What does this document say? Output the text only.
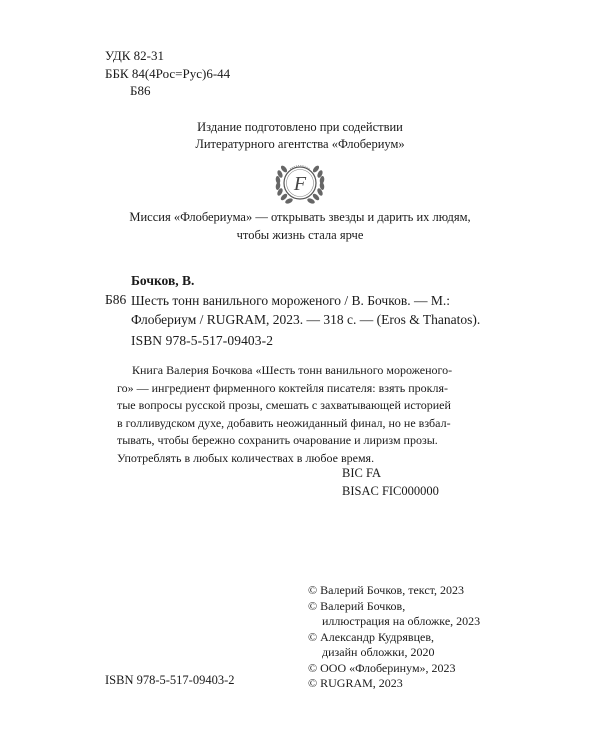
УДК 82-31
ББК 84(4Рос=Рус)6-44
Б86
Издание подготовлено при содействии
Литературного агентства «Флобериум»
F
Миссия «Флобериума» — открывать звезды и дарить их людям,
чтобы жизнь стала ярче
Бочков, В.
Б86 Шесть тонн ванильного мороженого / В. Бочков. — М.:
Флобериум / RUGRAM, 2023. — 318 с. — (Eros & Thanatos).
ISBN 978-5-517-09403-2
Книга Валерия Бочкова «Шесть тонн ванильного мороженого-
го» — ингредиент фирменного коктейля писателя: взять прокля-
тые вопросы русской прозы, смешать с захватывающей историей
в голливудском духе, добавить неожиданный финал, но не взбал-
тывать, чтобы бережно сохранить очарование и лиризм прозы.
Употреблять в любых количествах в любое время.
BIC FA
BISAC FIC000000
© Валерий Бочков, текст, 2023
© Валерий Бочков,
иллюстрация на обложке, 2023
© Александр Кудрявцев,
дизайн обложки, 2020
© ООО «Флоберинум», 2023
© RUGRAM, 2023
ISBN 978-5-517-09403-2
